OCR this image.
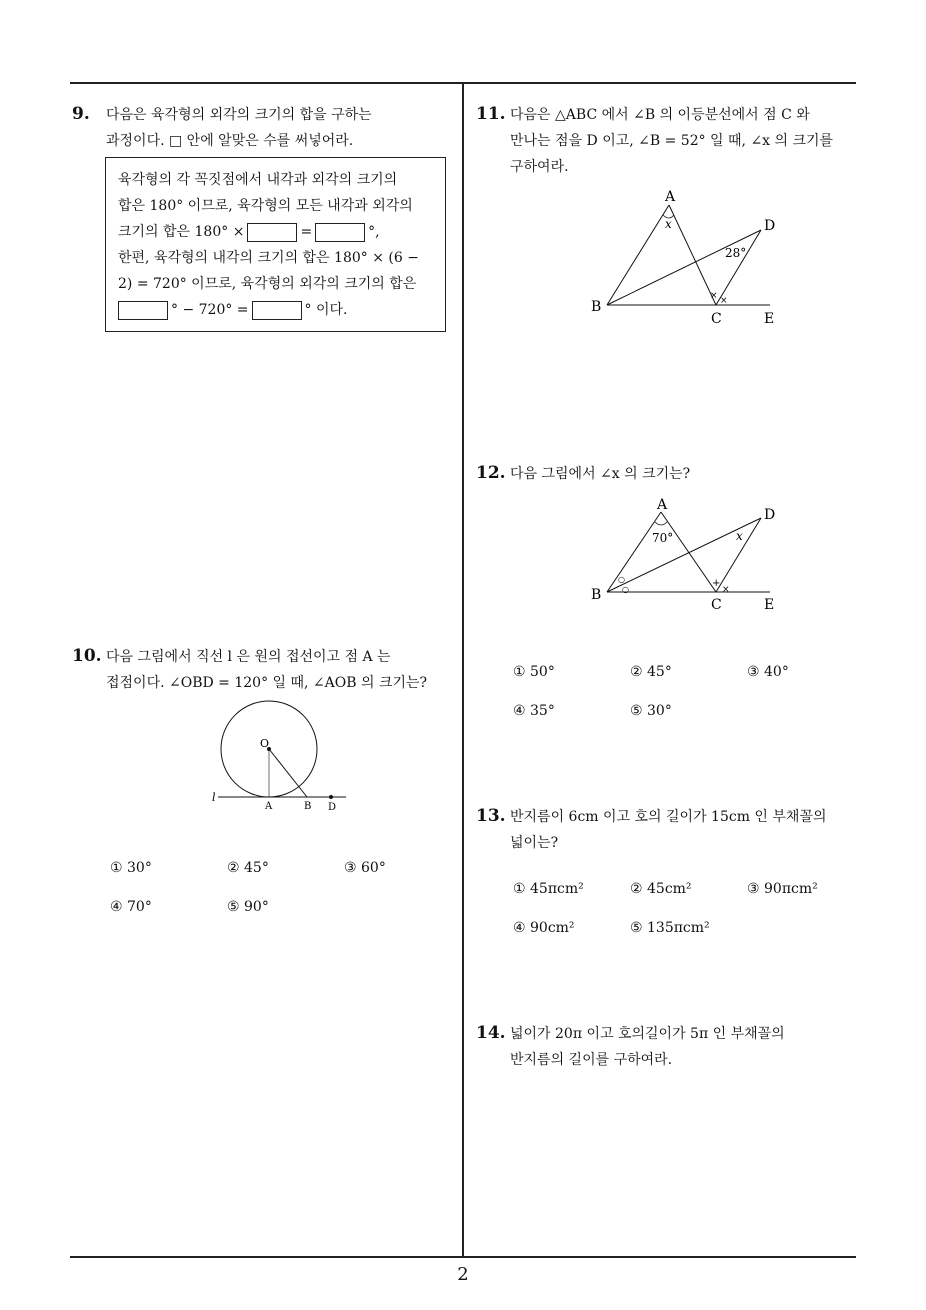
9. 다음은 육각형의 외각의 크기의 합을 구하는
과정이다. □ 안에 알맞은 수를 써넣어라.
육각형의 각 꼭짓점에서 내각과 외각의 크기의
합은 180° 이므로, 육각형의 모든 내각과 외각의
크기의 합은 180° ×	=	°,
한편, 육각형의 내각의 크기의 합은 180° × (6 −
2) = 720° 이므로, 육각형의 외각의 크기의 합은
° − 720° =	° 이다.
10. 다음 그림에서 직선 l 은 원의 접선이고 점 A 는
접점이다. ∠OBD = 120° 일 때, ∠AOB 의 크기는?
O
l
A	B D
① 30°	② 45°	③ 60°
④ 70°	⑤ 90°
11. 다음은 △ABC 에서 ∠B 의 이등분선에서 점 C 와
만나는 점을 D 이고, ∠B = 52° 일 때, ∠x 의 크기를
구하여라.
x
28°
× ×
A
D
B
C	E
12. 다음 그림에서 ∠x 의 크기는?
70°	x
○
○
+
×
A
D
B
C	E
① 50°	② 45°	③ 40°
④ 35°	⑤ 30°
13. 반지름이 6cm 이고 호의 길이가 15cm 인 부채꼴의
넓이는?
① 45πcm²	② 45cm²	③ 90πcm²
④ 90cm²	⑤ 135πcm²
14. 넓이가 20π 이고 호의길이가 5π 인 부채꼴의
반지름의 길이를 구하여라.
2
